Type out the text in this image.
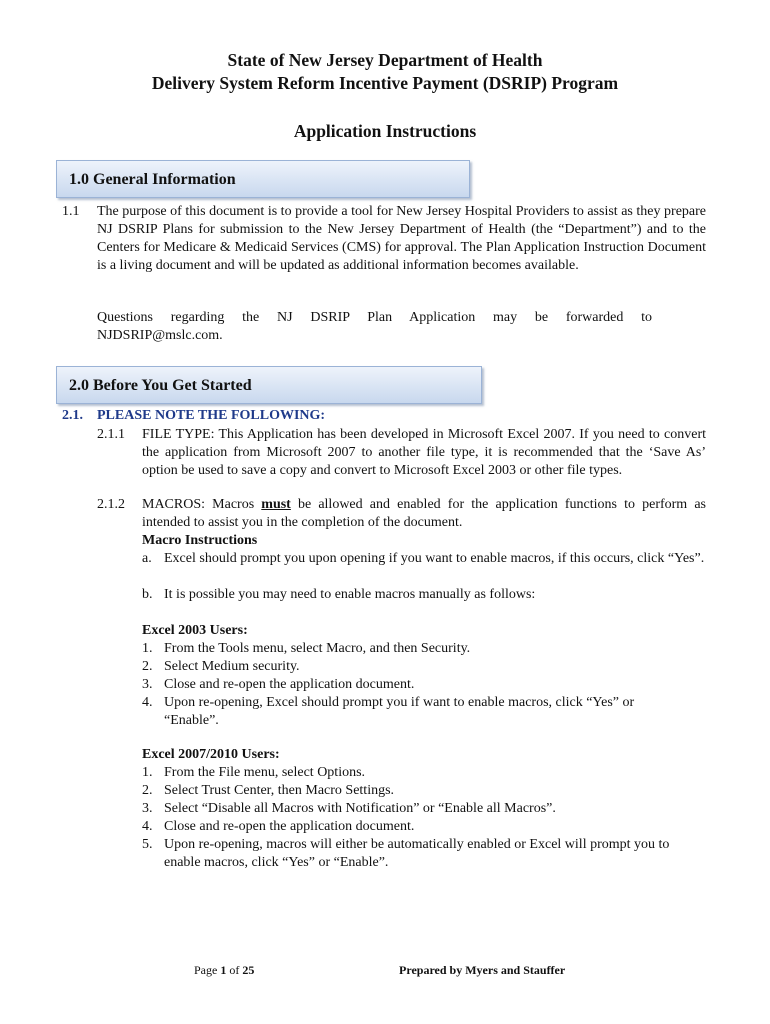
State of New Jersey Department of Health
Delivery System Reform Incentive Payment (DSRIP) Program
Application Instructions
1.0 General Information
1.1 The purpose of this document is to provide a tool for New Jersey Hospital Providers to assist as they prepare NJ DSRIP Plans for submission to the New Jersey Department of Health (the “Department”) and to the Centers for Medicare & Medicaid Services (CMS) for approval. The Plan Application Instruction Document is a living document and will be updated as additional information becomes available.
Questions regarding the NJ DSRIP Plan Application may be forwarded to
NJDSRIP@mslc.com.
2.0 Before You Get Started
2.1. PLEASE NOTE THE FOLLOWING:
2.1.1 FILE TYPE: This Application has been developed in Microsoft Excel 2007. If you need to convert the application from Microsoft 2007 to another file type, it is recommended that the ‘Save As’ option be used to save a copy and convert to Microsoft Excel 2003 or other file types.
2.1.2 MACROS: Macros must be allowed and enabled for the application functions to perform as intended to assist you in the completion of the document.
Macro Instructions
a. Excel should prompt you upon opening if you want to enable macros, if this occurs, click “Yes”.
b. It is possible you may need to enable macros manually as follows:
Excel 2003 Users:
1. From the Tools menu, select Macro, and then Security.
2. Select Medium security.
3. Close and re-open the application document.
4. Upon re-opening, Excel should prompt you if want to enable macros, click “Yes” or “Enable”.
Excel 2007/2010 Users:
1. From the File menu, select Options.
2. Select Trust Center, then Macro Settings.
3. Select “Disable all Macros with Notification” or “Enable all Macros”.
4. Close and re-open the application document.
5. Upon re-opening, macros will either be automatically enabled or Excel will prompt you to enable macros, click “Yes” or “Enable”.
Page 1 of 25	Prepared by Myers and Stauffer
